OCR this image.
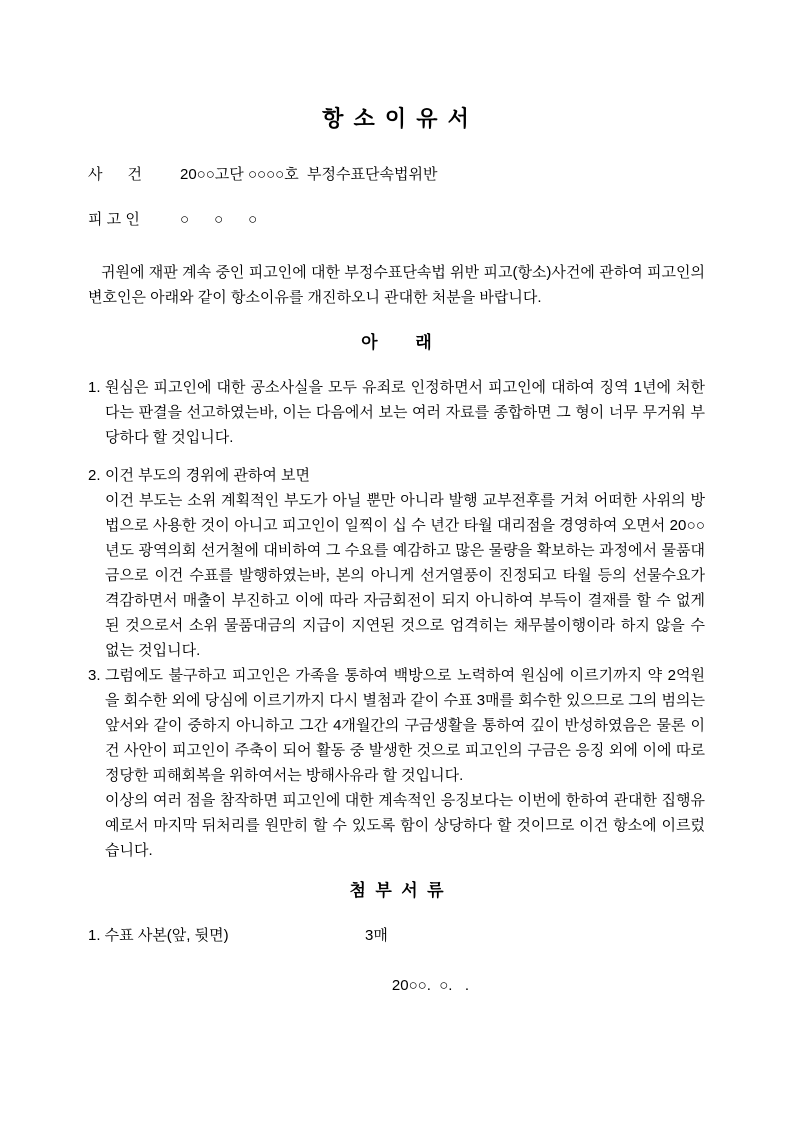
항 소 이 유 서
사      건	20○○고단 ○○○○호  부정수표단속법위반
피 고 인	○      ○      ○

귀원에 재판 계속 중인 피고인에 대한 부정수표단속법 위반 피고(항소)사건에 관하여 피고인의 변호인은 아래와 같이 항소이유를 개진하오니 관대한 처분을 바랍니다.

아        래
1. 원심은 피고인에 대한 공소사실을 모두 유죄로 인정하면서 피고인에 대하여 징역 1년에 처한다는 판결을 선고하였는바, 이는 다음에서 보는 여러 자료를 종합하면 그 형이 너무 무거워 부당하다 할 것입니다.

2. 이건 부도의 경위에 관하여 보면

이건 부도는 소위 계획적인 부도가 아닐 뿐만 아니라 발행 교부전후를 거쳐 어떠한 사위의 방법으로 사용한 것이 아니고 피고인이 일찍이 십 수 년간 타월 대리점을 경영하여 오면서 20○○년도 광역의회 선거철에 대비하여 그 수요를 예감하고 많은 물량을 확보하는 과정에서 물품대금으로 이건 수표를 발행하였는바, 본의 아니게 선거열풍이 진정되고 타월 등의 선물수요가 격감하면서 매출이 부진하고 이에 따라 자금회전이 되지 아니하여 부득이 결재를 할 수 없게 된 것으로서 소위 물품대금의 지급이 지연된 것으로 엄격히는 채무불이행이라 하지 않을 수 없는 것입니다.

3. 그럼에도 불구하고 피고인은 가족을 통하여 백방으로 노력하여 원심에 이르기까지 약 2억원을 회수한 외에 당심에 이르기까지 다시 별첨과 같이 수표 3매를 회수한 있으므로 그의 범의는 앞서와 같이 중하지 아니하고 그간 4개월간의 구금생활을 통하여 깊이 반성하였음은 물론 이건 사안이 피고인이 주축이 되어 활동 중 발생한 것으로 피고인의 구금은 응징 외에 이에 따로 정당한 피해회복을 위하여서는 방해사유라 할 것입니다.

이상의 여러 점을 참작하면 피고인에 대한 계속적인 응징보다는 이번에 한하여 관대한 집행유예로서 마지막 뒤처리를 원만히 할 수 있도록 함이 상당하다 할 것이므로 이건 항소에 이르렀습니다.

첨  부  서  류
1. 수표 사본(앞, 뒷면)	3매
20○○.  ○.   .
